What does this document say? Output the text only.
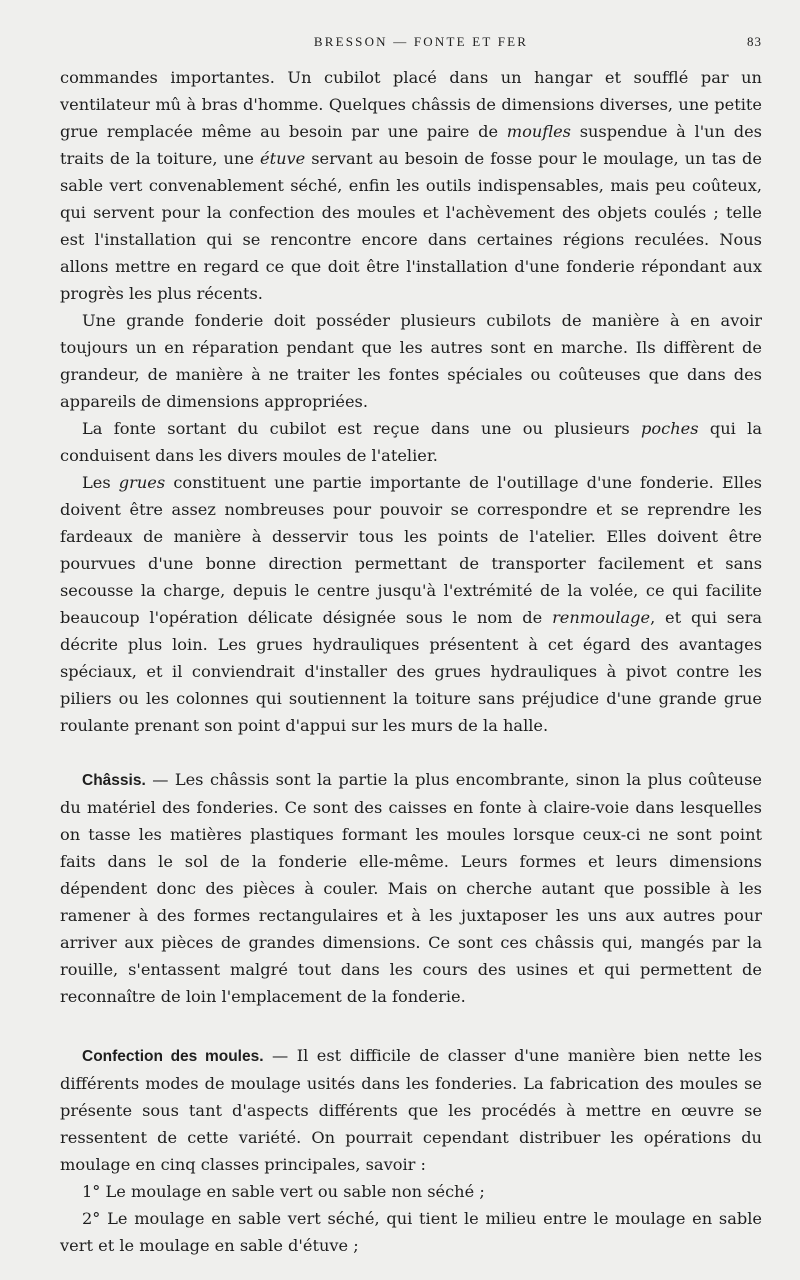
BRESSON — FONTE ET FER	83

commandes importantes. Un cubilot placé dans un hangar et soufflé par un ventilateur mû à bras d'homme. Quelques châssis de dimensions diverses, une petite grue remplacée même au besoin par une paire de moufles suspendue à l'un des traits de la toiture, une étuve servant au besoin de fosse pour le moulage, un tas de sable vert convenablement séché, enfin les outils indispensables, mais peu coûteux, qui servent pour la confection des moules et l'achèvement des objets coulés ; telle est l'installation qui se rencontre encore dans certaines régions reculées. Nous allons mettre en regard ce que doit être l'installation d'une fonderie répondant aux progrès les plus récents.

Une grande fonderie doit posséder plusieurs cubilots de manière à en avoir toujours un en réparation pendant que les autres sont en marche. Ils diffèrent de grandeur, de manière à ne traiter les fontes spéciales ou coûteuses que dans des appareils de dimensions appropriées.

La fonte sortant du cubilot est reçue dans une ou plusieurs poches qui la conduisent dans les divers moules de l'atelier.

Les grues constituent une partie importante de l'outillage d'une fonderie. Elles doivent être assez nombreuses pour pouvoir se correspondre et se reprendre les fardeaux de manière à desservir tous les points de l'atelier. Elles doivent être pourvues d'une bonne direction permettant de transporter facilement et sans secousse la charge, depuis le centre jusqu'à l'extrémité de la volée, ce qui facilite beaucoup l'opération délicate désignée sous le nom de renmoulage, et qui sera décrite plus loin. Les grues hydrauliques présentent à cet égard des avantages spéciaux, et il conviendrait d'installer des grues hydrauliques à pivot contre les piliers ou les colonnes qui soutiennent la toiture sans préjudice d'une grande grue roulante prenant son point d'appui sur les murs de la halle.

Châssis. — Les châssis sont la partie la plus encombrante, sinon la plus coûteuse du matériel des fonderies. Ce sont des caisses en fonte à claire-voie dans lesquelles on tasse les matières plastiques formant les moules lorsque ceux-ci ne sont point faits dans le sol de la fonderie elle-même. Leurs formes et leurs dimensions dépendent donc des pièces à couler. Mais on cherche autant que possible à les ramener à des formes rectangulaires et à les juxtaposer les uns aux autres pour arriver aux pièces de grandes dimensions. Ce sont ces châssis qui, mangés par la rouille, s'entassent malgré tout dans les cours des usines et qui permettent de reconnaître de loin l'emplacement de la fonderie.

Confection des moules. — Il est difficile de classer d'une manière bien nette les différents modes de moulage usités dans les fonderies. La fabrication des moules se présente sous tant d'aspects différents que les procédés à mettre en œuvre se ressentent de cette variété. On pourrait cependant distribuer les opérations du moulage en cinq classes principales, savoir :

1° Le moulage en sable vert ou sable non séché ;

2° Le moulage en sable vert séché, qui tient le milieu entre le moulage en sable vert et le moulage en sable d'étuve ;
